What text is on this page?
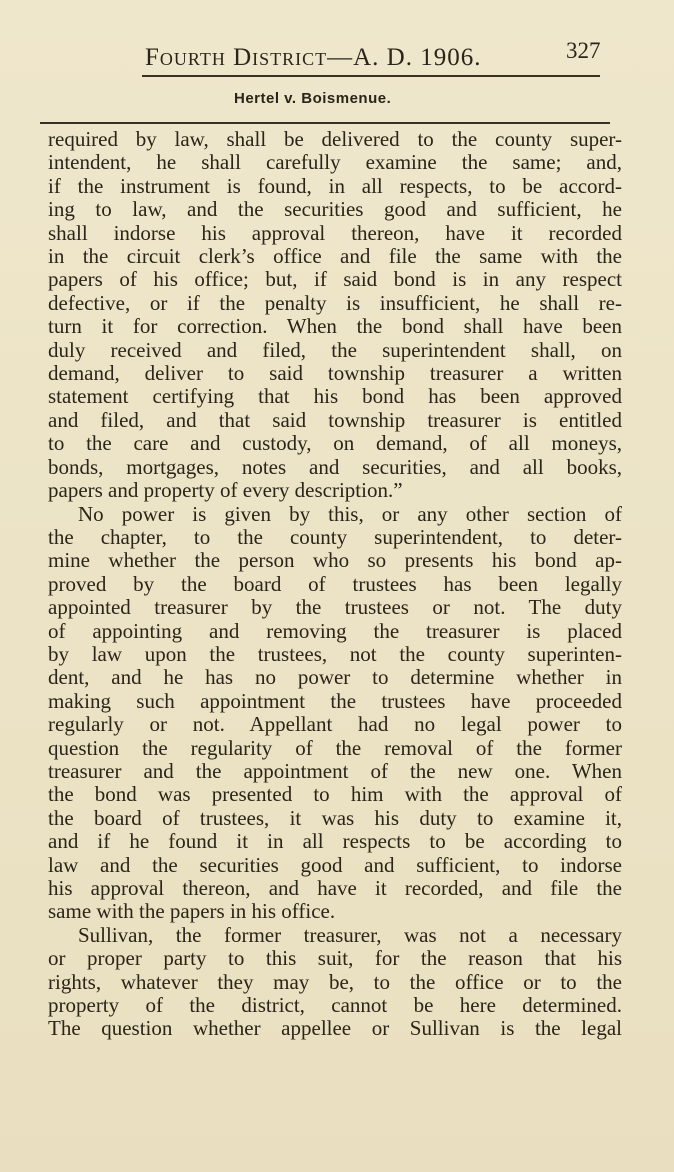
Fourth District—A. D. 1906.	327
Hertel v. Boismenue.
required by law, shall be delivered to the county super-
intendent, he shall carefully examine the same; and,
if the instrument is found, in all respects, to be accord-
ing to law, and the securities good and sufficient, he
shall indorse his approval thereon, have it recorded
in the circuit clerk’s office and file the same with the
papers of his office; but, if said bond is in any respect
defective, or if the penalty is insufficient, he shall re-
turn it for correction. When the bond shall have been
duly received and filed, the superintendent shall, on
demand, deliver to said township treasurer a written
statement certifying that his bond has been approved
and filed, and that said township treasurer is entitled
to the care and custody, on demand, of all moneys,
bonds, mortgages, notes and securities, and all books,
papers and property of every description.”
No power is given by this, or any other section of
the chapter, to the county superintendent, to deter-
mine whether the person who so presents his bond ap-
proved by the board of trustees has been legally
appointed treasurer by the trustees or not. The duty
of appointing and removing the treasurer is placed
by law upon the trustees, not the county superinten-
dent, and he has no power to determine whether in
making such appointment the trustees have proceeded
regularly or not. Appellant had no legal power to
question the regularity of the removal of the former
treasurer and the appointment of the new one. When
the bond was presented to him with the approval of
the board of trustees, it was his duty to examine it,
and if he found it in all respects to be according to
law and the securities good and sufficient, to indorse
his approval thereon, and have it recorded, and file the
same with the papers in his office.
Sullivan, the former treasurer, was not a necessary
or proper party to this suit, for the reason that his
rights, whatever they may be, to the office or to the
property of the district, cannot be here determined.
The question whether appellee or Sullivan is the legal
